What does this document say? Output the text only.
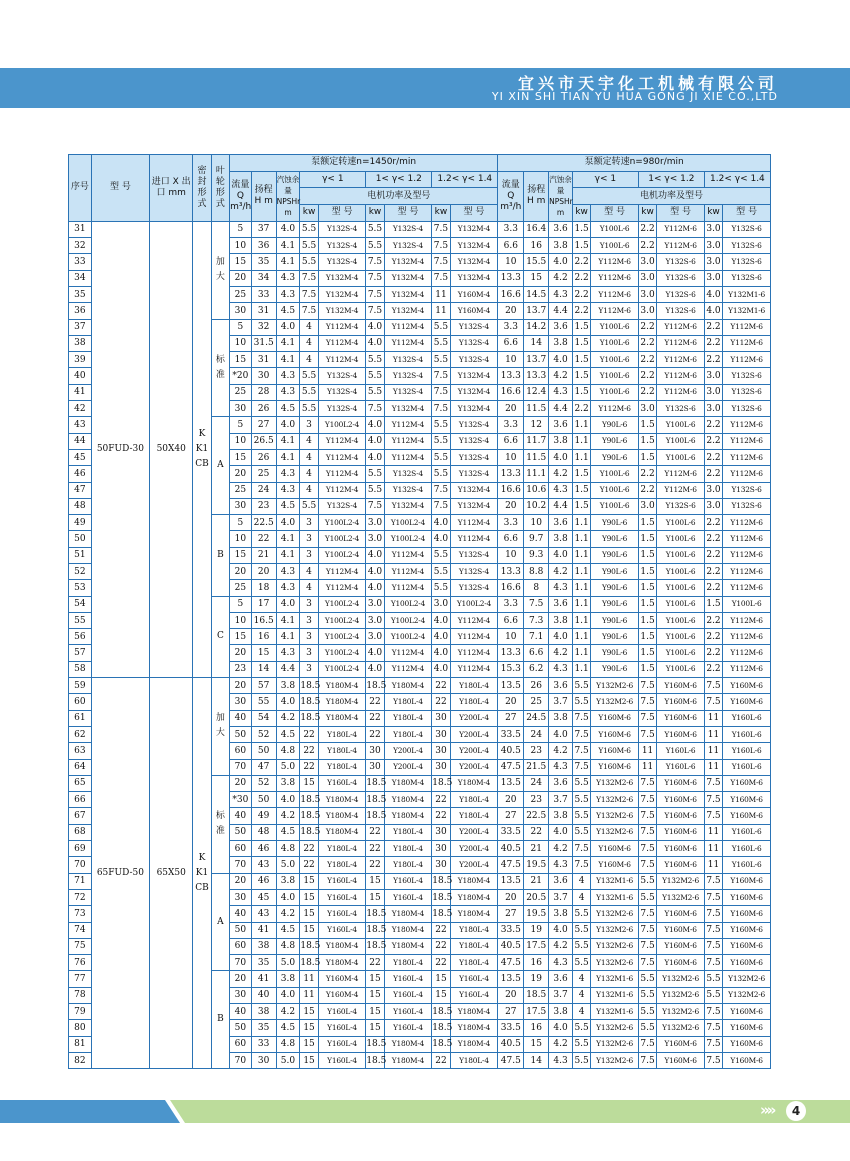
宜兴市天宇化工机械有限公司
YI XIN SHI TIAN YU HUA GONG JI XIE CO.,LTD
序号	型 号	进口 X 出口 mm	密封形式	叶轮形式	泵额定转速n=1450r/min									泵额定转速n=980r/min								
					流量 Q m³/h	扬程 H m	汽蚀余量 NPSHr m	γ< 1		1< γ< 1.2		1.2< γ< 1.4		流量 Q m³/h	扬程 H m	汽蚀余量 NPSHr m	γ< 1		1< γ< 1.2		1.2< γ< 1.4	
								电机功率及型号									电机功率及型号					
								kw	型 号	kw	型 号	kw	型 号				kw	型 号	kw	型 号	kw	型 号
31	50FUD-30	50X40	K K1 CB	加大	5	37	4.0	5.5	Y132S-4	5.5	Y132S-4	7.5	Y132M-4	3.3	16.4	3.6	1.5	Y100L-6	2.2	Y112M-6	3.0	Y132S-6
32					10	36	4.1	5.5	Y132S-4	5.5	Y132S-4	7.5	Y132M-4	6.6	16	3.8	1.5	Y100L-6	2.2	Y112M-6	3.0	Y132S-6
33					15	35	4.1	5.5	Y132S-4	7.5	Y132M-4	7.5	Y132M-4	10	15.5	4.0	2.2	Y112M-6	3.0	Y132S-6	3.0	Y132S-6
34					20	34	4.3	7.5	Y132M-4	7.5	Y132M-4	7.5	Y132M-4	13.3	15	4.2	2.2	Y112M-6	3.0	Y132S-6	3.0	Y132S-6
35					25	33	4.3	7.5	Y132M-4	7.5	Y132M-4	11	Y160M-4	16.6	14.5	4.3	2.2	Y112M-6	3.0	Y132S-6	4.0	Y132M1-6
36					30	31	4.5	7.5	Y132M-4	7.5	Y132M-4	11	Y160M-4	20	13.7	4.4	2.2	Y112M-6	3.0	Y132S-6	4.0	Y132M1-6
37				标准	5	32	4.0	4	Y112M-4	4.0	Y112M-4	5.5	Y132S-4	3.3	14.2	3.6	1.5	Y100L-6	2.2	Y112M-6	2.2	Y112M-6
38					10	31.5	4.1	4	Y112M-4	4.0	Y112M-4	5.5	Y132S-4	6.6	14	3.8	1.5	Y100L-6	2.2	Y112M-6	2.2	Y112M-6
39					15	31	4.1	4	Y112M-4	5.5	Y132S-4	5.5	Y132S-4	10	13.7	4.0	1.5	Y100L-6	2.2	Y112M-6	2.2	Y112M-6
40					*20	30	4.3	5.5	Y132S-4	5.5	Y132S-4	7.5	Y132M-4	13.3	13.3	4.2	1.5	Y100L-6	2.2	Y112M-6	3.0	Y132S-6
41					25	28	4.3	5.5	Y132S-4	5.5	Y132S-4	7.5	Y132M-4	16.6	12.4	4.3	1.5	Y100L-6	2.2	Y112M-6	3.0	Y132S-6
42					30	26	4.5	5.5	Y132S-4	7.5	Y132M-4	7.5	Y132M-4	20	11.5	4.4	2.2	Y112M-6	3.0	Y132S-6	3.0	Y132S-6
43				A	5	27	4.0	3	Y100L2-4	4.0	Y112M-4	5.5	Y132S-4	3.3	12	3.6	1.1	Y90L-6	1.5	Y100L-6	2.2	Y112M-6
44					10	26.5	4.1	4	Y112M-4	4.0	Y112M-4	5.5	Y132S-4	6.6	11.7	3.8	1.1	Y90L-6	1.5	Y100L-6	2.2	Y112M-6
45					15	26	4.1	4	Y112M-4	4.0	Y112M-4	5.5	Y132S-4	10	11.5	4.0	1.1	Y90L-6	1.5	Y100L-6	2.2	Y112M-6
46					20	25	4.3	4	Y112M-4	5.5	Y132S-4	5.5	Y132S-4	13.3	11.1	4.2	1.5	Y100L-6	2.2	Y112M-6	2.2	Y112M-6
47					25	24	4.3	4	Y112M-4	5.5	Y132S-4	7.5	Y132M-4	16.6	10.6	4.3	1.5	Y100L-6	2.2	Y112M-6	3.0	Y132S-6
48					30	23	4.5	5.5	Y132S-4	7.5	Y132M-4	7.5	Y132M-4	20	10.2	4.4	1.5	Y100L-6	3.0	Y132S-6	3.0	Y132S-6
49				B	5	22.5	4.0	3	Y100L2-4	3.0	Y100L2-4	4.0	Y112M-4	3.3	10	3.6	1.1	Y90L-6	1.5	Y100L-6	2.2	Y112M-6
50					10	22	4.1	3	Y100L2-4	3.0	Y100L2-4	4.0	Y112M-4	6.6	9.7	3.8	1.1	Y90L-6	1.5	Y100L-6	2.2	Y112M-6
51					15	21	4.1	3	Y100L2-4	4.0	Y112M-4	5.5	Y132S-4	10	9.3	4.0	1.1	Y90L-6	1.5	Y100L-6	2.2	Y112M-6
52					20	20	4.3	4	Y112M-4	4.0	Y112M-4	5.5	Y132S-4	13.3	8.8	4.2	1.1	Y90L-6	1.5	Y100L-6	2.2	Y112M-6
53					25	18	4.3	4	Y112M-4	4.0	Y112M-4	5.5	Y132S-4	16.6	8	4.3	1.1	Y90L-6	1.5	Y100L-6	2.2	Y112M-6
54				C	5	17	4.0	3	Y100L2-4	3.0	Y100L2-4	3.0	Y100L2-4	3.3	7.5	3.6	1.1	Y90L-6	1.5	Y100L-6	1.5	Y100L-6
55					10	16.5	4.1	3	Y100L2-4	3.0	Y100L2-4	4.0	Y112M-4	6.6	7.3	3.8	1.1	Y90L-6	1.5	Y100L-6	2.2	Y112M-6
56					15	16	4.1	3	Y100L2-4	3.0	Y100L2-4	4.0	Y112M-4	10	7.1	4.0	1.1	Y90L-6	1.5	Y100L-6	2.2	Y112M-6
57					20	15	4.3	3	Y100L2-4	4.0	Y112M-4	4.0	Y112M-4	13.3	6.6	4.2	1.1	Y90L-6	1.5	Y100L-6	2.2	Y112M-6
58					23	14	4.4	3	Y100L2-4	4.0	Y112M-4	4.0	Y112M-4	15.3	6.2	4.3	1.1	Y90L-6	1.5	Y100L-6	2.2	Y112M-6
59	65FUD-50	65X50	K K1 CB	加大	20	57	3.8	18.5	Y180M-4	18.5	Y180M-4	22	Y180L-4	13.5	26	3.6	5.5	Y132M2-6	7.5	Y160M-6	7.5	Y160M-6
60					30	55	4.0	18.5	Y180M-4	22	Y180L-4	22	Y180L-4	20	25	3.7	5.5	Y132M2-6	7.5	Y160M-6	7.5	Y160M-6
61					40	54	4.2	18.5	Y180M-4	22	Y180L-4	30	Y200L-4	27	24.5	3.8	7.5	Y160M-6	7.5	Y160M-6	11	Y160L-6
62					50	52	4.5	22	Y180L-4	22	Y180L-4	30	Y200L-4	33.5	24	4.0	7.5	Y160M-6	7.5	Y160M-6	11	Y160L-6
63					60	50	4.8	22	Y180L-4	30	Y200L-4	30	Y200L-4	40.5	23	4.2	7.5	Y160M-6	11	Y160L-6	11	Y160L-6
64					70	47	5.0	22	Y180L-4	30	Y200L-4	30	Y200L-4	47.5	21.5	4.3	7.5	Y160M-6	11	Y160L-6	11	Y160L-6
65				标准	20	52	3.8	15	Y160L-4	18.5	Y180M-4	18.5	Y180M-4	13.5	24	3.6	5.5	Y132M2-6	7.5	Y160M-6	7.5	Y160M-6
66					*30	50	4.0	18.5	Y180M-4	18.5	Y180M-4	22	Y180L-4	20	23	3.7	5.5	Y132M2-6	7.5	Y160M-6	7.5	Y160M-6
67					40	49	4.2	18.5	Y180M-4	18.5	Y180M-4	22	Y180L-4	27	22.5	3.8	5.5	Y132M2-6	7.5	Y160M-6	7.5	Y160M-6
68					50	48	4.5	18.5	Y180M-4	22	Y180L-4	30	Y200L-4	33.5	22	4.0	5.5	Y132M2-6	7.5	Y160M-6	11	Y160L-6
69					60	46	4.8	22	Y180L-4	22	Y180L-4	30	Y200L-4	40.5	21	4.2	7.5	Y160M-6	7.5	Y160M-6	11	Y160L-6
70					70	43	5.0	22	Y180L-4	22	Y180L-4	30	Y200L-4	47.5	19.5	4.3	7.5	Y160M-6	7.5	Y160M-6	11	Y160L-6
71				A	20	46	3.8	15	Y160L-4	15	Y160L-4	18.5	Y180M-4	13.5	21	3.6	4	Y132M1-6	5.5	Y132M2-6	7.5	Y160M-6
72					30	45	4.0	15	Y160L-4	15	Y160L-4	18.5	Y180M-4	20	20.5	3.7	4	Y132M1-6	5.5	Y132M2-6	7.5	Y160M-6
73					40	43	4.2	15	Y160L-4	18.5	Y180M-4	18.5	Y180M-4	27	19.5	3.8	5.5	Y132M2-6	7.5	Y160M-6	7.5	Y160M-6
74					50	41	4.5	15	Y160L-4	18.5	Y180M-4	22	Y180L-4	33.5	19	4.0	5.5	Y132M2-6	7.5	Y160M-6	7.5	Y160M-6
75					60	38	4.8	18.5	Y180M-4	18.5	Y180M-4	22	Y180L-4	40.5	17.5	4.2	5.5	Y132M2-6	7.5	Y160M-6	7.5	Y160M-6
76					70	35	5.0	18.5	Y180M-4	22	Y180L-4	22	Y180L-4	47.5	16	4.3	5.5	Y132M2-6	7.5	Y160M-6	7.5	Y160M-6
77				B	20	41	3.8	11	Y160M-4	15	Y160L-4	15	Y160L-4	13.5	19	3.6	4	Y132M1-6	5.5	Y132M2-6	5.5	Y132M2-6
78					30	40	4.0	11	Y160M-4	15	Y160L-4	15	Y160L-4	20	18.5	3.7	4	Y132M1-6	5.5	Y132M2-6	5.5	Y132M2-6
79					40	38	4.2	15	Y160L-4	15	Y160L-4	18.5	Y180M-4	27	17.5	3.8	4	Y132M1-6	5.5	Y132M2-6	7.5	Y160M-6
80					50	35	4.5	15	Y160L-4	15	Y160L-4	18.5	Y180M-4	33.5	16	4.0	5.5	Y132M2-6	5.5	Y132M2-6	7.5	Y160M-6
81					60	33	4.8	15	Y160L-4	18.5	Y180M-4	18.5	Y180M-4	40.5	15	4.2	5.5	Y132M2-6	7.5	Y160M-6	7.5	Y160M-6
82					70	30	5.0	15	Y160L-4	18.5	Y180M-4	22	Y180L-4	47.5	14	4.3	5.5	Y132M2-6	7.5	Y160M-6	7.5	Y160M-6
»»	4
